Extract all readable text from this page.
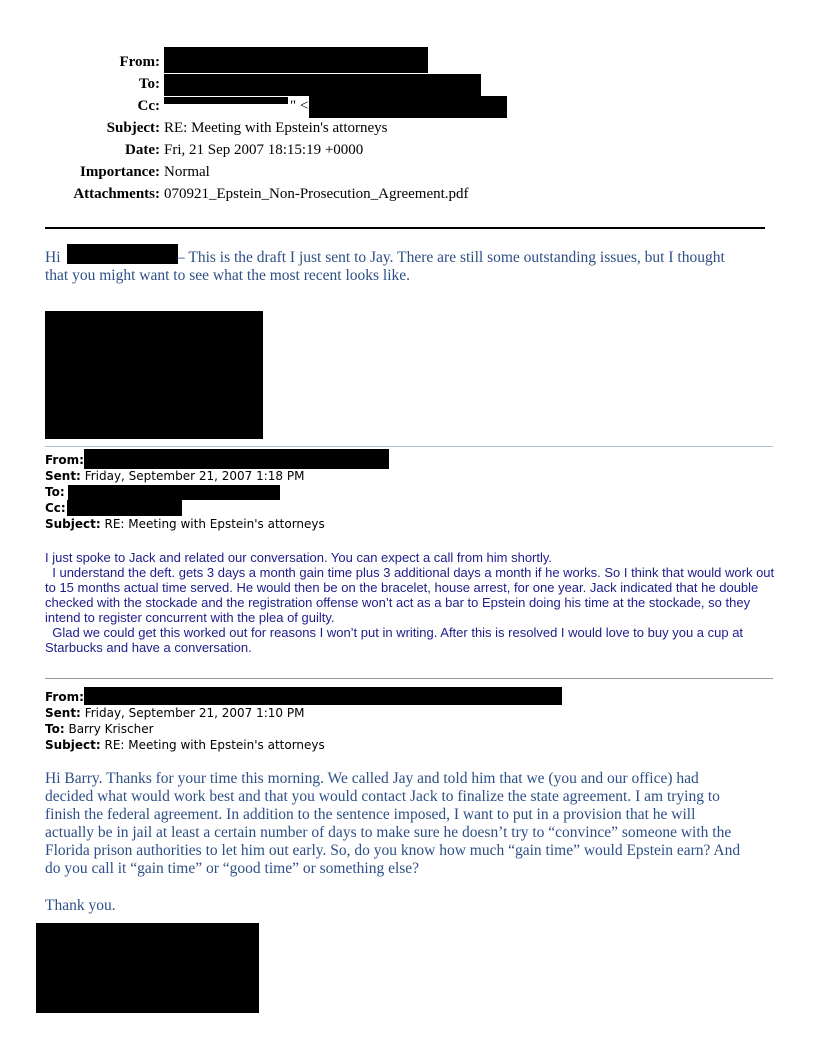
From:
To:
Cc:	" <
Subject: RE: Meeting with Epstein's attorneys
Date: Fri, 21 Sep 2007 18:15:19 +0000
Importance: Normal
Attachments: 070921_Epstein_Non-Prosecution_Agreement.pdf
Hi	– This is the draft I just sent to Jay. There are still some outstanding issues, but I thought
that you might want to see what the most recent looks like.
From:
Sent: Friday, September 21, 2007 1:18 PM
To:
Cc:
Subject: RE: Meeting with Epstein's attorneys

I just spoke to Jack and related our conversation. You can expect a call from him shortly.

I understand the deft. gets 3 days a month gain time plus 3 additional days a month if he works. So I think that would work out to 15 months actual time served. He would then be on the bracelet, house arrest, for one year. Jack indicated that he double checked with the stockade and the registration offense won’t act as a bar to Epstein doing his time at the stockade, so they intend to register concurrent with the plea of guilty.

Glad we could get this worked out for reasons I won’t put in writing. After this is resolved I would love to buy you a cup at Starbucks and have a conversation.

From:
Sent: Friday, September 21, 2007 1:10 PM
To: Barry Krischer
Subject: RE: Meeting with Epstein's attorneys
Hi Barry. Thanks for your time this morning. We called Jay and told him that we (you and our office) had
decided what would work best and that you would contact Jack to finalize the state agreement. I am trying to
finish the federal agreement. In addition to the sentence imposed, I want to put in a provision that he will
actually be in jail at least a certain number of days to make sure he doesn’t try to “convince” someone with the
Florida prison authorities to let him out early. So, do you know how much “gain time” would Epstein earn? And
do you call it “gain time” or “good time” or something else?
Thank you.
